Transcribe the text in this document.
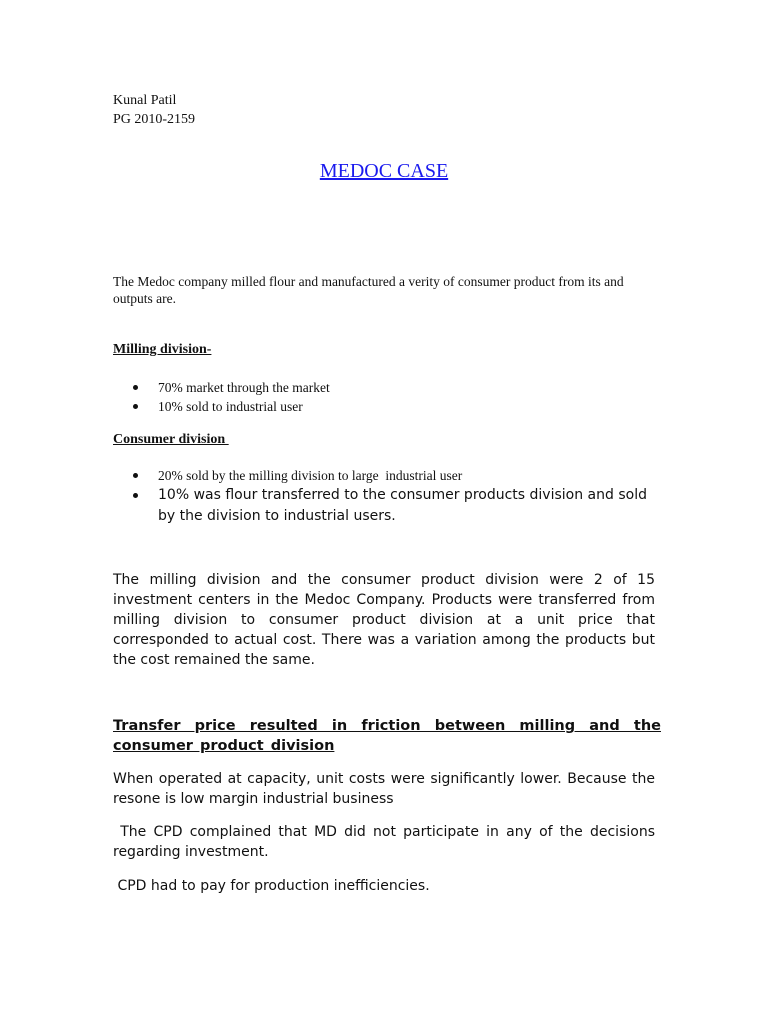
Kunal Patil
PG 2010-2159
MEDOC CASE

The Medoc company milled flour and manufactured a verity of consumer product from its and outputs are.

Milling division-
70% market through the market
10% sold to industrial user
Consumer division
20% sold by the milling division to large  industrial user
10% was flour transferred to the consumer products division and sold by the division to industrial users.

The milling division and the consumer product division were 2 of 15 investment centers in the Medoc Company. Products were transferred from milling division to consumer product division at a unit price that corresponded to actual cost. There was a variation among the products but the cost remained the same.

Transfer price resulted in friction between milling and the consumer product division

When operated at capacity, unit costs were significantly lower. Because the resone is low margin industrial business

The CPD complained that MD did not participate in any of the decisions regarding investment.

CPD had to pay for production inefficiencies.
